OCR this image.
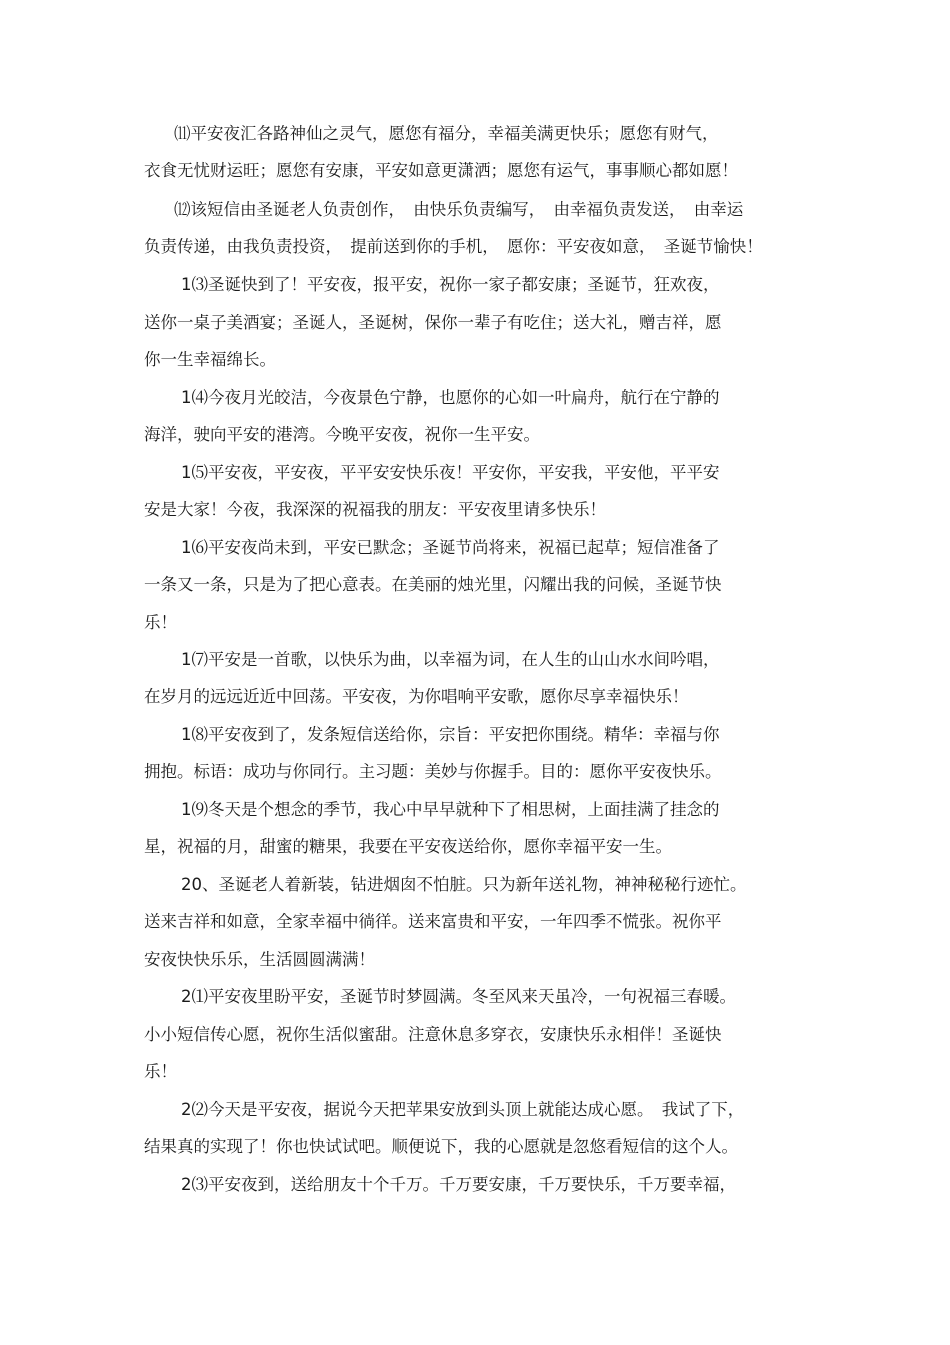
⑾平安夜汇各路神仙之灵气，愿您有福分，幸福美满更快乐；愿您有财气，

衣食无忧财运旺；愿您有安康，平安如意更潇洒；愿您有运气，事事顺心都如愿！

⑿该短信由圣诞老人负责创作，　由快乐负责编写，　由幸福负责发送，　由幸运

负责传递，由我负责投资，　提前送到你的手机，　愿你：平安夜如意，　圣诞节愉快！

1⑶圣诞快到了！平安夜，报平安，祝你一家子都安康；圣诞节，狂欢夜，

送你一桌子美酒宴；圣诞人，圣诞树，保你一辈子有吃住；送大礼，赠吉祥，愿

你一生幸福绵长。

1⑷今夜月光皎洁，今夜景色宁静，也愿你的心如一叶扁舟，航行在宁静的

海洋，驶向平安的港湾。今晚平安夜，祝你一生平安。

1⑸平安夜，平安夜，平平安安快乐夜！平安你，平安我，平安他，平平安

安是大家！今夜，我深深的祝福我的朋友：平安夜里请多快乐！

1⑹平安夜尚未到，平安已默念；圣诞节尚将来，祝福已起草；短信准备了

一条又一条，只是为了把心意表。在美丽的烛光里，闪耀出我的问候，圣诞节快

乐！

1⑺平安是一首歌，以快乐为曲，以幸福为词，在人生的山山水水间吟唱，

在岁月的远远近近中回荡。平安夜，为你唱响平安歌，愿你尽享幸福快乐！

1⑻平安夜到了，发条短信送给你，宗旨：平安把你围绕。精华：幸福与你

拥抱。标语：成功与你同行。主习题：美妙与你握手。目的：愿你平安夜快乐。

1⑼冬天是个想念的季节，我心中早早就种下了相思树，上面挂满了挂念的

星，祝福的月，甜蜜的糖果，我要在平安夜送给你，愿你幸福平安一生。

20、圣诞老人着新装，钻进烟囱不怕脏。只为新年送礼物，神神秘秘行迹忙。

送来吉祥和如意，全家幸福中徜徉。送来富贵和平安，一年四季不慌张。祝你平

安夜快快乐乐，生活圆圆满满！

2⑴平安夜里盼平安，圣诞节时梦圆满。冬至风来天虽冷，一句祝福三春暖。

小小短信传心愿，祝你生活似蜜甜。注意休息多穿衣，安康快乐永相伴！圣诞快

乐！

2⑵今天是平安夜，据说今天把苹果安放到头顶上就能达成心愿。　我试了下，

结果真的实现了！你也快试试吧。顺便说下，我的心愿就是忽悠看短信的这个人。

2⑶平安夜到，送给朋友十个千万。千万要安康，千万要快乐，千万要幸福，
